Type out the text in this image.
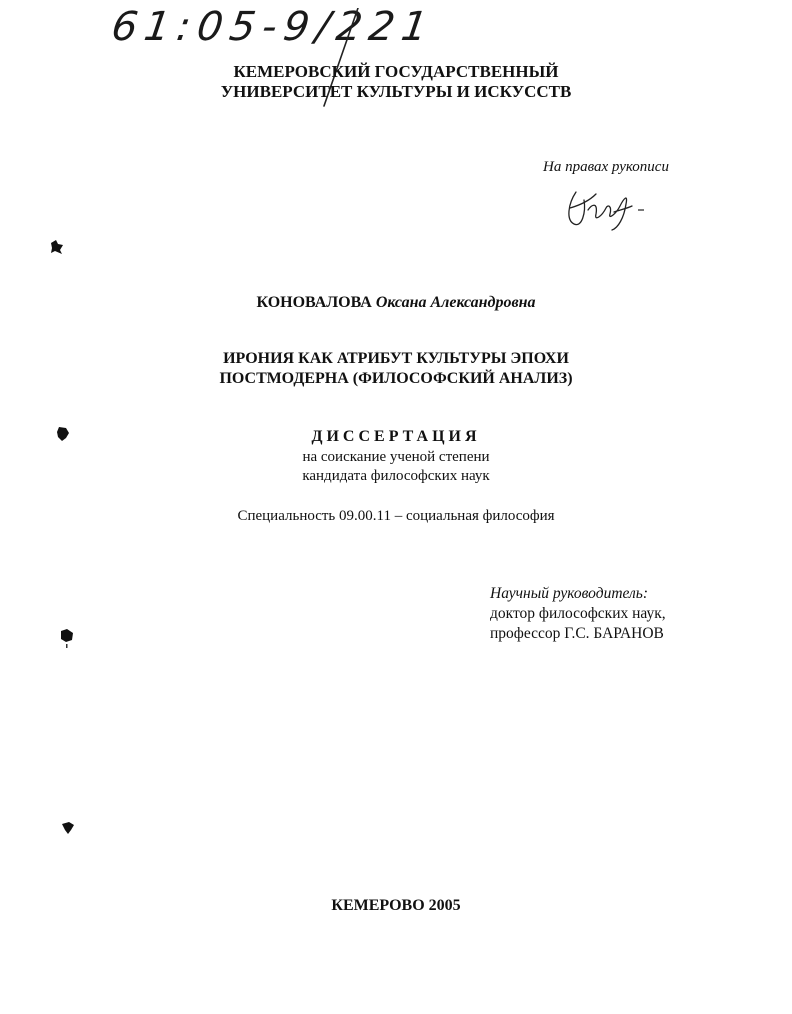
61:05-9/221
КЕМЕРОВСКИЙ ГОСУДАРСТВЕННЫЙ
УНИВЕРСИТЕТ КУЛЬТУРЫ И ИСКУССТВ
На правах рукописи
КОНОВАЛОВА Оксана Александровна
ИРОНИЯ КАК АТРИБУТ КУЛЬТУРЫ ЭПОХИ
ПОСТМОДЕРНА (ФИЛОСОФСКИЙ АНАЛИЗ)
ДИССЕРТАЦИЯ
на соискание ученой степени
кандидата философских наук
Специальность 09.00.11 – социальная философия
Научный руководитель:
доктор философских наук,
профессор Г.С. БАРАНОВ
КЕМЕРОВО 2005
